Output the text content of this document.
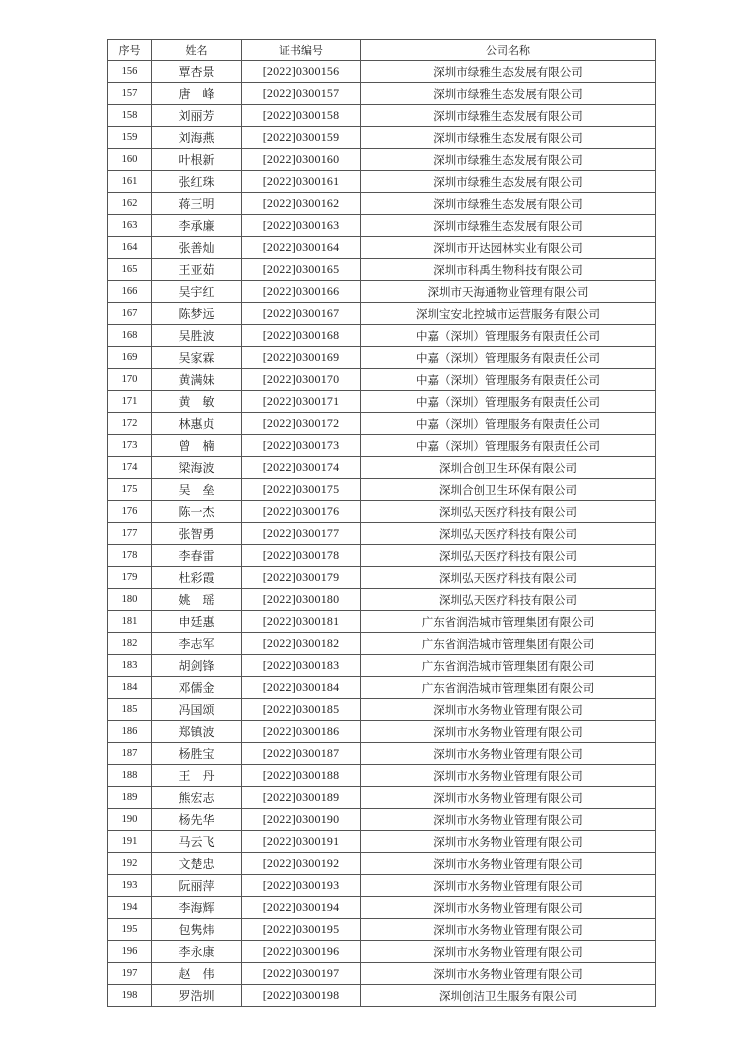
序号	姓名	证书编号	公司名称
156	覃杏景	[2022]0300156	深圳市绿雅生态发展有限公司
157	唐　峰	[2022]0300157	深圳市绿雅生态发展有限公司
158	刘丽芳	[2022]0300158	深圳市绿雅生态发展有限公司
159	刘海燕	[2022]0300159	深圳市绿雅生态发展有限公司
160	叶根新	[2022]0300160	深圳市绿雅生态发展有限公司
161	张红珠	[2022]0300161	深圳市绿雅生态发展有限公司
162	蒋三明	[2022]0300162	深圳市绿雅生态发展有限公司
163	李承廉	[2022]0300163	深圳市绿雅生态发展有限公司
164	张善灿	[2022]0300164	深圳市开达园林实业有限公司
165	王亚茹	[2022]0300165	深圳市科禹生物科技有限公司
166	吴宇红	[2022]0300166	深圳市天海通物业管理有限公司
167	陈梦远	[2022]0300167	深圳宝安北控城市运营服务有限公司
168	吴胜波	[2022]0300168	中嘉（深圳）管理服务有限责任公司
169	吴家霖	[2022]0300169	中嘉（深圳）管理服务有限责任公司
170	黄满妹	[2022]0300170	中嘉（深圳）管理服务有限责任公司
171	黄　敏	[2022]0300171	中嘉（深圳）管理服务有限责任公司
172	林惠贞	[2022]0300172	中嘉（深圳）管理服务有限责任公司
173	曾　楠	[2022]0300173	中嘉（深圳）管理服务有限责任公司
174	梁海波	[2022]0300174	深圳合创卫生环保有限公司
175	吴　垒	[2022]0300175	深圳合创卫生环保有限公司
176	陈一杰	[2022]0300176	深圳弘天医疗科技有限公司
177	张智勇	[2022]0300177	深圳弘天医疗科技有限公司
178	李春雷	[2022]0300178	深圳弘天医疗科技有限公司
179	杜彩霞	[2022]0300179	深圳弘天医疗科技有限公司
180	姚　瑶	[2022]0300180	深圳弘天医疗科技有限公司
181	申廷惠	[2022]0300181	广东省润浩城市管理集团有限公司
182	李志军	[2022]0300182	广东省润浩城市管理集团有限公司
183	胡剑锋	[2022]0300183	广东省润浩城市管理集团有限公司
184	邓儒金	[2022]0300184	广东省润浩城市管理集团有限公司
185	冯国颂	[2022]0300185	深圳市水务物业管理有限公司
186	郑镇波	[2022]0300186	深圳市水务物业管理有限公司
187	杨胜宝	[2022]0300187	深圳市水务物业管理有限公司
188	王　丹	[2022]0300188	深圳市水务物业管理有限公司
189	熊宏志	[2022]0300189	深圳市水务物业管理有限公司
190	杨先华	[2022]0300190	深圳市水务物业管理有限公司
191	马云飞	[2022]0300191	深圳市水务物业管理有限公司
192	文楚忠	[2022]0300192	深圳市水务物业管理有限公司
193	阮丽萍	[2022]0300193	深圳市水务物业管理有限公司
194	李海辉	[2022]0300194	深圳市水务物业管理有限公司
195	包隽炜	[2022]0300195	深圳市水务物业管理有限公司
196	李永康	[2022]0300196	深圳市水务物业管理有限公司
197	赵　伟	[2022]0300197	深圳市水务物业管理有限公司
198	罗浩圳	[2022]0300198	深圳创洁卫生服务有限公司
